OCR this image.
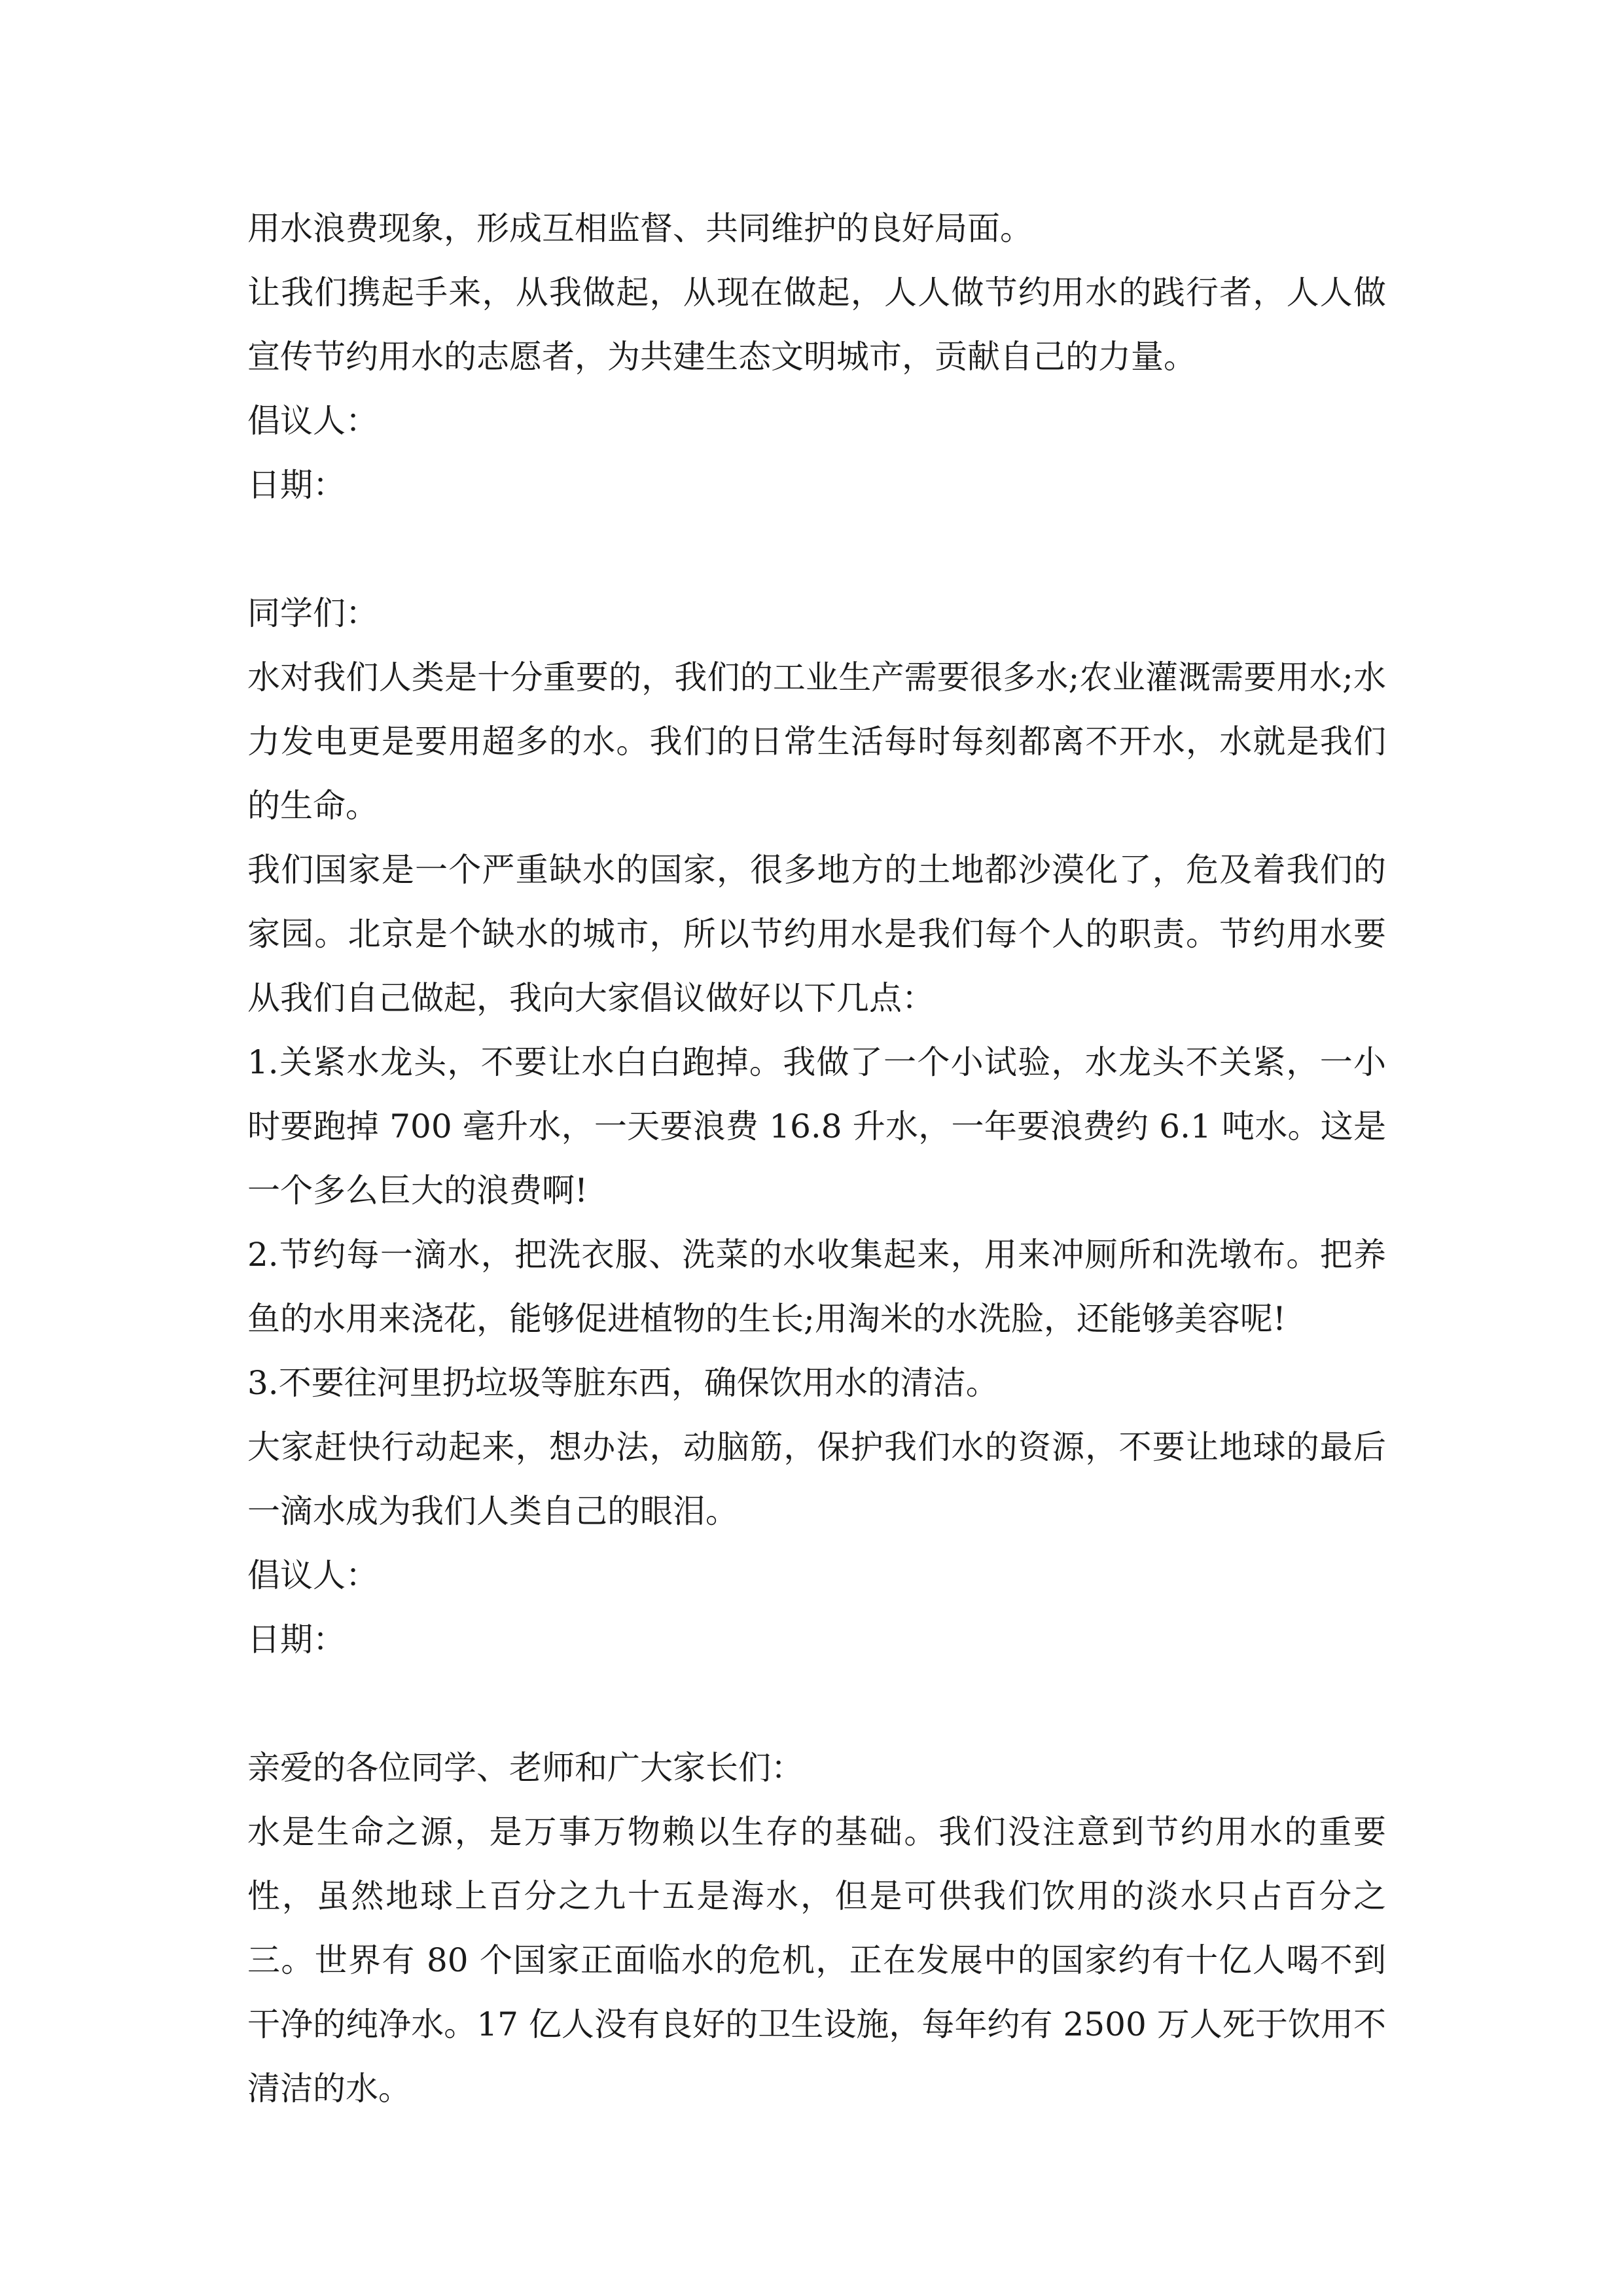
用水浪费现象，形成互相监督、共同维护的良好局面。

让我们携起手来，从我做起，从现在做起，人人做节约用水的践行者，人人做宣传节约用水的志愿者，为共建生态文明城市，贡献自己的力量。

倡议人：

日期：

同学们：

水对我们人类是十分重要的，我们的工业生产需要很多水;农业灌溉需要用水;水力发电更是要用超多的水。我们的日常生活每时每刻都离不开水，水就是我们的生命。

我们国家是一个严重缺水的国家，很多地方的土地都沙漠化了，危及着我们的家园。北京是个缺水的城市，所以节约用水是我们每个人的职责。节约用水要从我们自己做起，我向大家倡议做好以下几点：

1.关紧水龙头，不要让水白白跑掉。我做了一个小试验，水龙头不关紧，一小时要跑掉 700 毫升水，一天要浪费 16.8 升水，一年要浪费约 6.1 吨水。这是一个多么巨大的浪费啊!

2.节约每一滴水，把洗衣服、洗菜的水收集起来，用来冲厕所和洗墩布。把养鱼的水用来浇花，能够促进植物的生长;用淘米的水洗脸，还能够美容呢!

3.不要往河里扔垃圾等脏东西，确保饮用水的清洁。

大家赶快行动起来，想办法，动脑筋，保护我们水的资源，不要让地球的最后一滴水成为我们人类自己的眼泪。

倡议人：

日期：

亲爱的各位同学、老师和广大家长们：

水是生命之源，是万事万物赖以生存的基础。我们没注意到节约用水的重要性，虽然地球上百分之九十五是海水，但是可供我们饮用的淡水只占百分之三。世界有 80 个国家正面临水的危机，正在发展中的国家约有十亿人喝不到干净的纯净水。17 亿人没有良好的卫生设施，每年约有 2500 万人死于饮用不清洁的水。
